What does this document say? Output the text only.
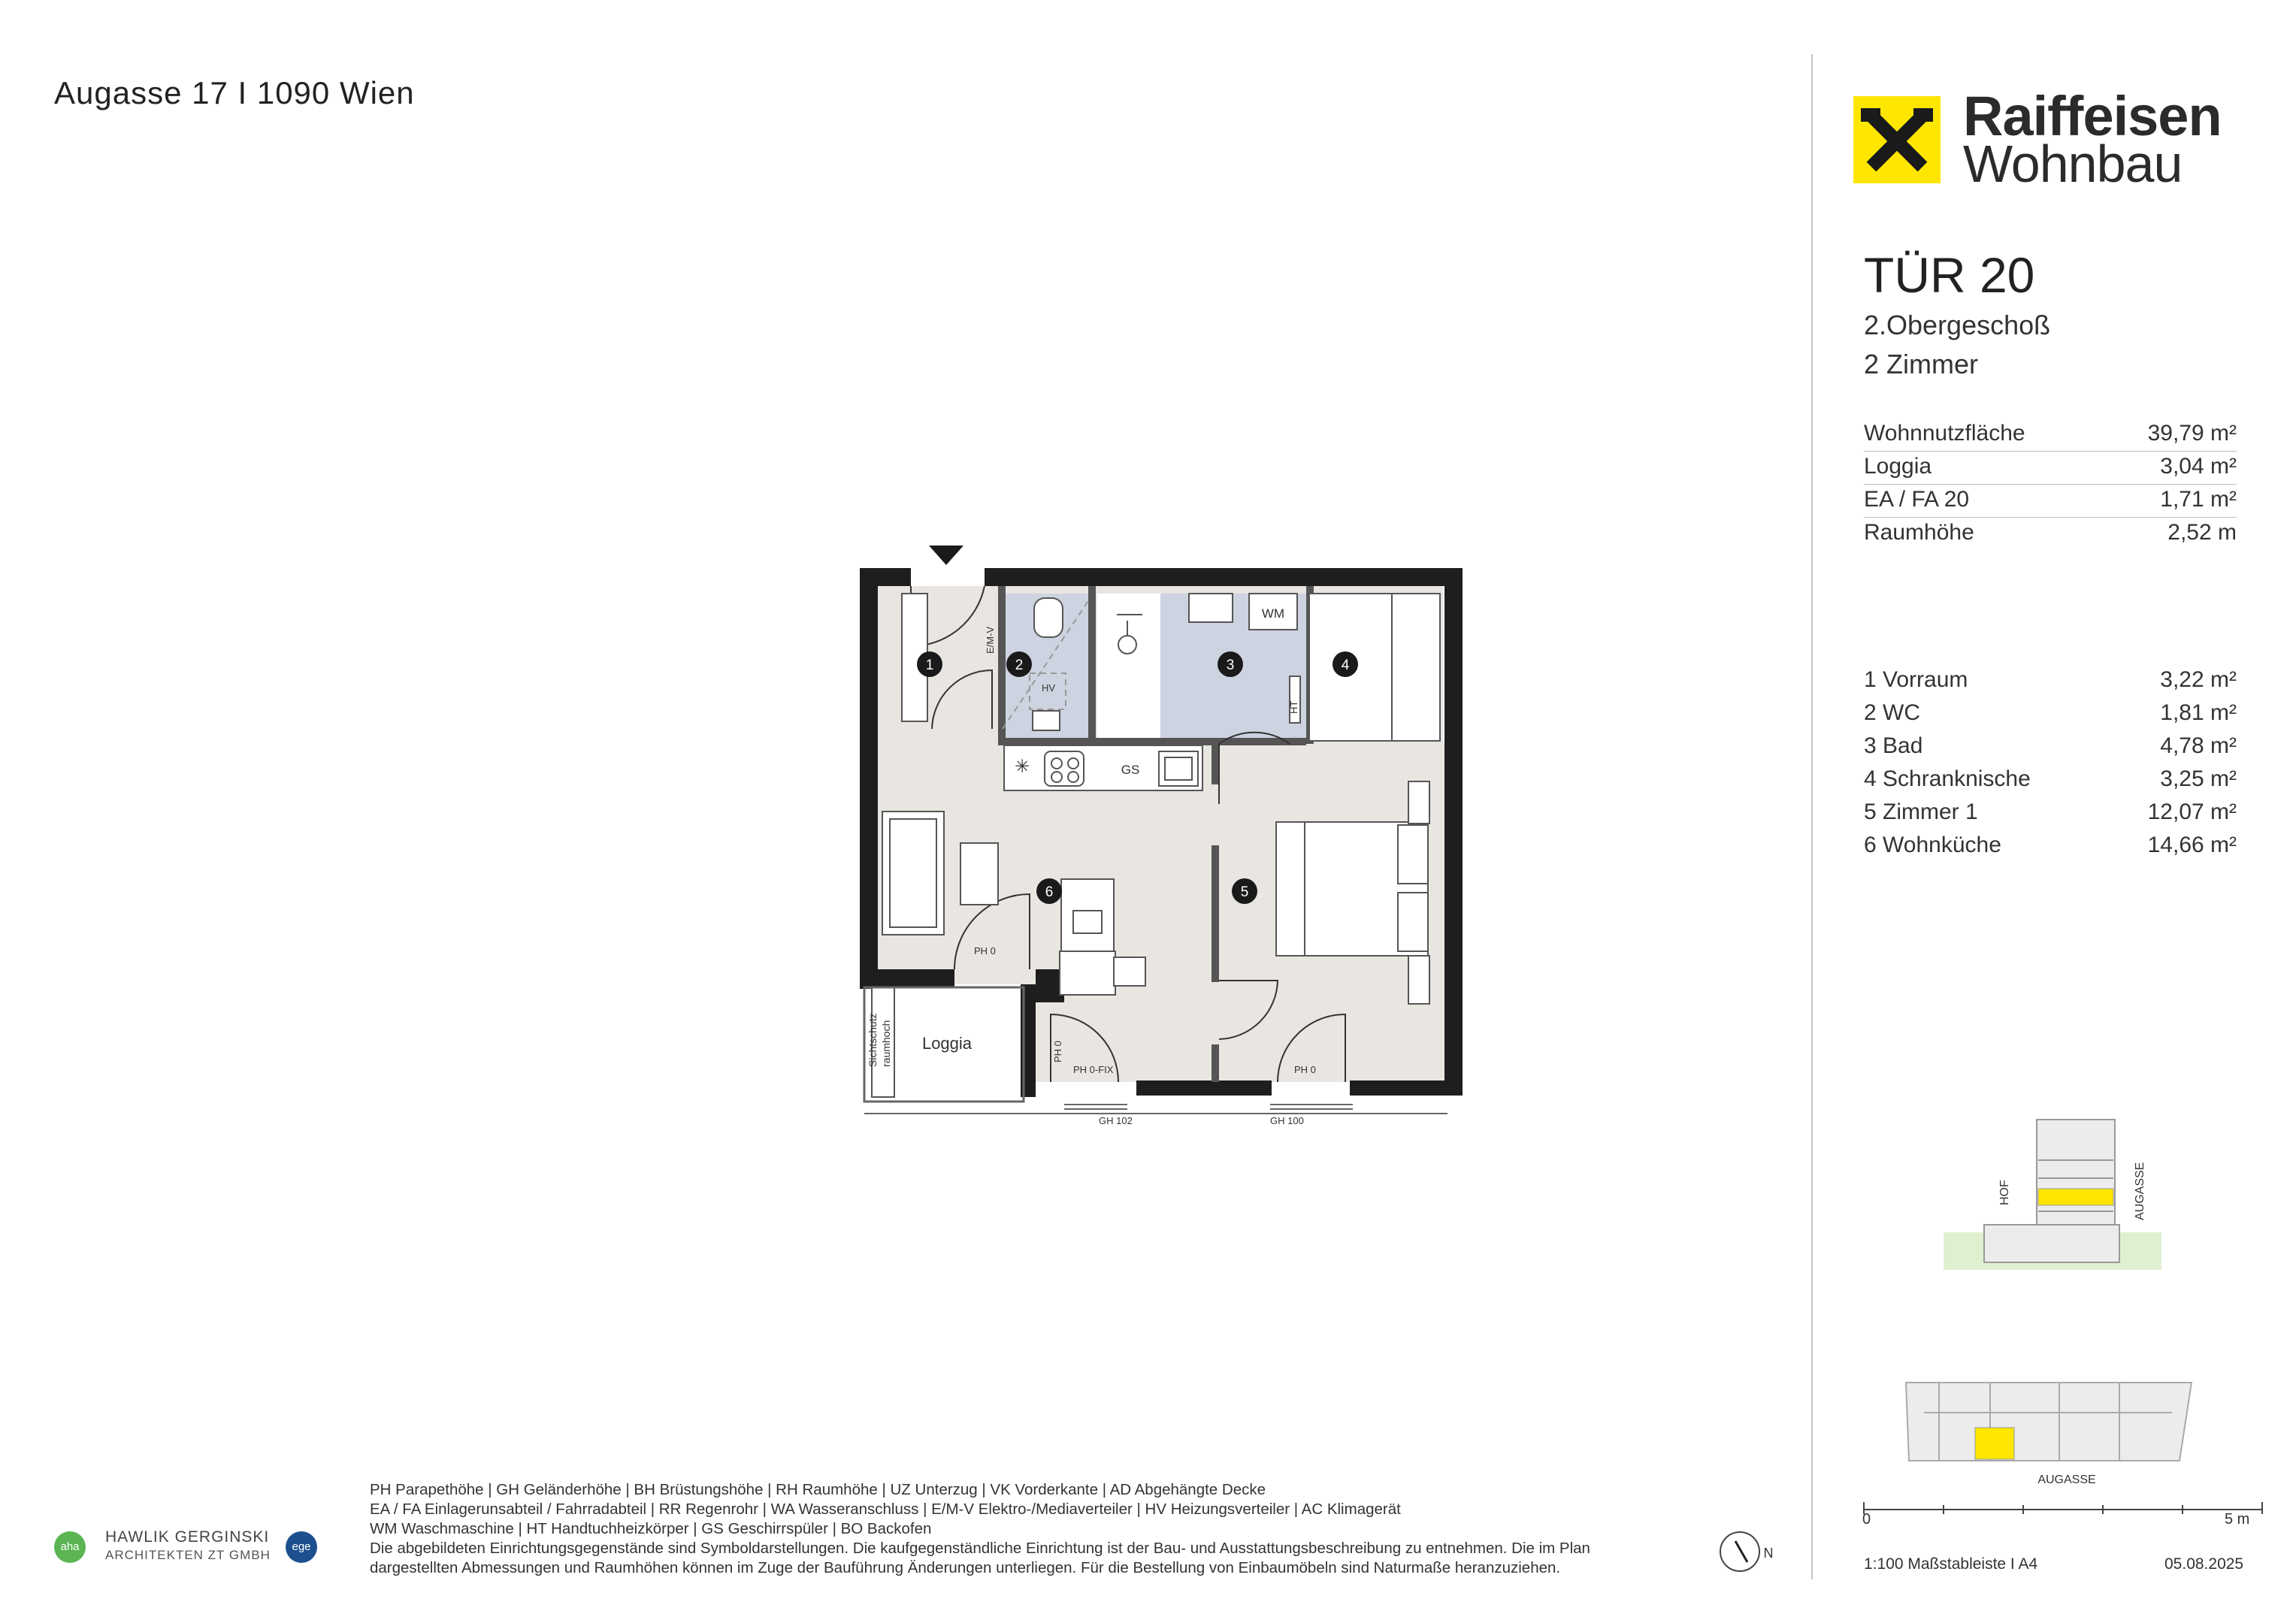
Augasse 17 I 1090 Wien	Raiffeisen
Wohnbau
TÜR 20
2.Obergeschoß
2 Zimmer
Wohnnutzfläche	39,79 m²
Loggia	3,04 m²
EA / FA 20	1,71 m²
Raumhöhe	2,52 m
1 Vorraum	3,22 m²
2 WC	1,81 m²
3 Bad	4,78 m²
4 Schranknische	3,25 m²
5 Zimmer 1	12,07 m²
6 Wohnküche	14,66 m²
✳
Loggia
Sichtschutz raumhoch
E/M-V
HV
HT
PH 0
PH 0
PH 0-FIX	PH 0
GH 102	GH 100
WM
GS
1	2	3	4
5
6
HOF	AUGASSE
AUGASSE
0	5 m
1:100 Maßstableiste I A4	05.08.2025
N
aha
HAWLIK GERGINSKI
ARCHITEKTEN ZT GMBH
ege
PH Parapethöhe | GH Geländerhöhe | BH Brüstungshöhe | RH Raumhöhe | UZ Unterzug | VK Vorderkante | AD Abgehängte Decke
EA / FA Einlagerunsabteil / Fahrradabteil | RR Regenrohr | WA Wasseranschluss | E/M-V Elektro-/Mediaverteiler | HV Heizungsverteiler | AC Klimagerät
WM Waschmaschine | HT Handtuchheizkörper | GS Geschirrspüler | BO Backofen
Die abgebildeten Einrichtungsgegenstände sind Symboldarstellungen. Die kaufgegenständliche Einrichtung ist der Bau- und Ausstattungsbeschreibung zu entnehmen. Die im Plan
dargestellten Abmessungen und Raumhöhen können im Zuge der Bauführung Änderungen unterliegen. Für die Bestellung von Einbaumöbeln sind Naturmaße heranzuziehen.
